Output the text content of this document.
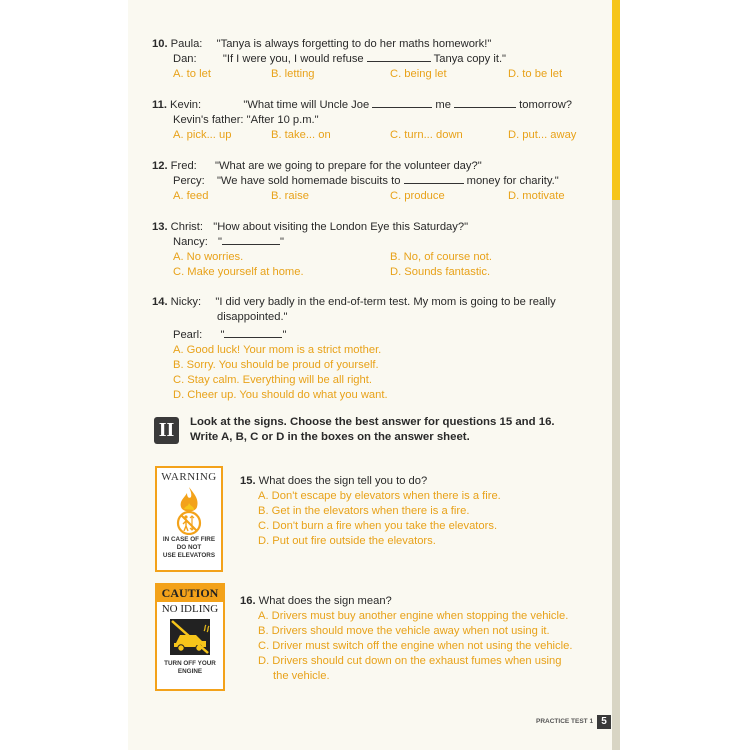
10. Paula: "Tanya is always forgetting to do her maths homework!"
Dan: "If I were you, I would refuse	Tanya copy it."
A. to let	B. letting	C. being let	D. to be let
11. Kevin:	"What time will Uncle Joe	me	tomorrow?
Kevin's father: "After 10 p.m."
A. pick... up	B. take... on	C. turn... down	D. put... away
12. Fred: "What are we going to prepare for the volunteer day?"
Percy: "We have sold homemade biscuits to	money for charity."
A. feed	B. raise	C. produce	D. motivate
13. Christ: "How about visiting the London Eye this Saturday?"
Nancy: "	"
A. No worries.	B. No, of course not.
C. Make yourself at home.	D. Sounds fantastic.
14. Nicky: "I did very badly in the end-of-term test. My mom is going to be really
disappointed."
Pearl: "	"
A. Good luck! Your mom is a strict mother.
B. Sorry. You should be proud of yourself.
C. Stay calm. Everything will be all right.
D. Cheer up. You should do what you want.
II	Look at the signs. Choose the best answer for questions 15 and 16.
Write A, B, C or D in the boxes on the answer sheet.
WARNING
IN CASE OF FIRE
DO NOT
USE ELEVATORS
15. What does the sign tell you to do?
A. Don't escape by elevators when there is a fire.
B. Get in the elevators when there is a fire.
C. Don't burn a fire when you take the elevators.
D. Put out fire outside the elevators.
CAUTION
NO IDLING
TURN OFF YOUR
ENGINE
16. What does the sign mean?
A. Drivers must buy another engine when stopping the vehicle.
B. Drivers should move the vehicle away when not using it.
C. Driver must switch off the engine when not using the vehicle.
D. Drivers should cut down on the exhaust fumes when using
the vehicle.
PRACTICE TEST 1 5
